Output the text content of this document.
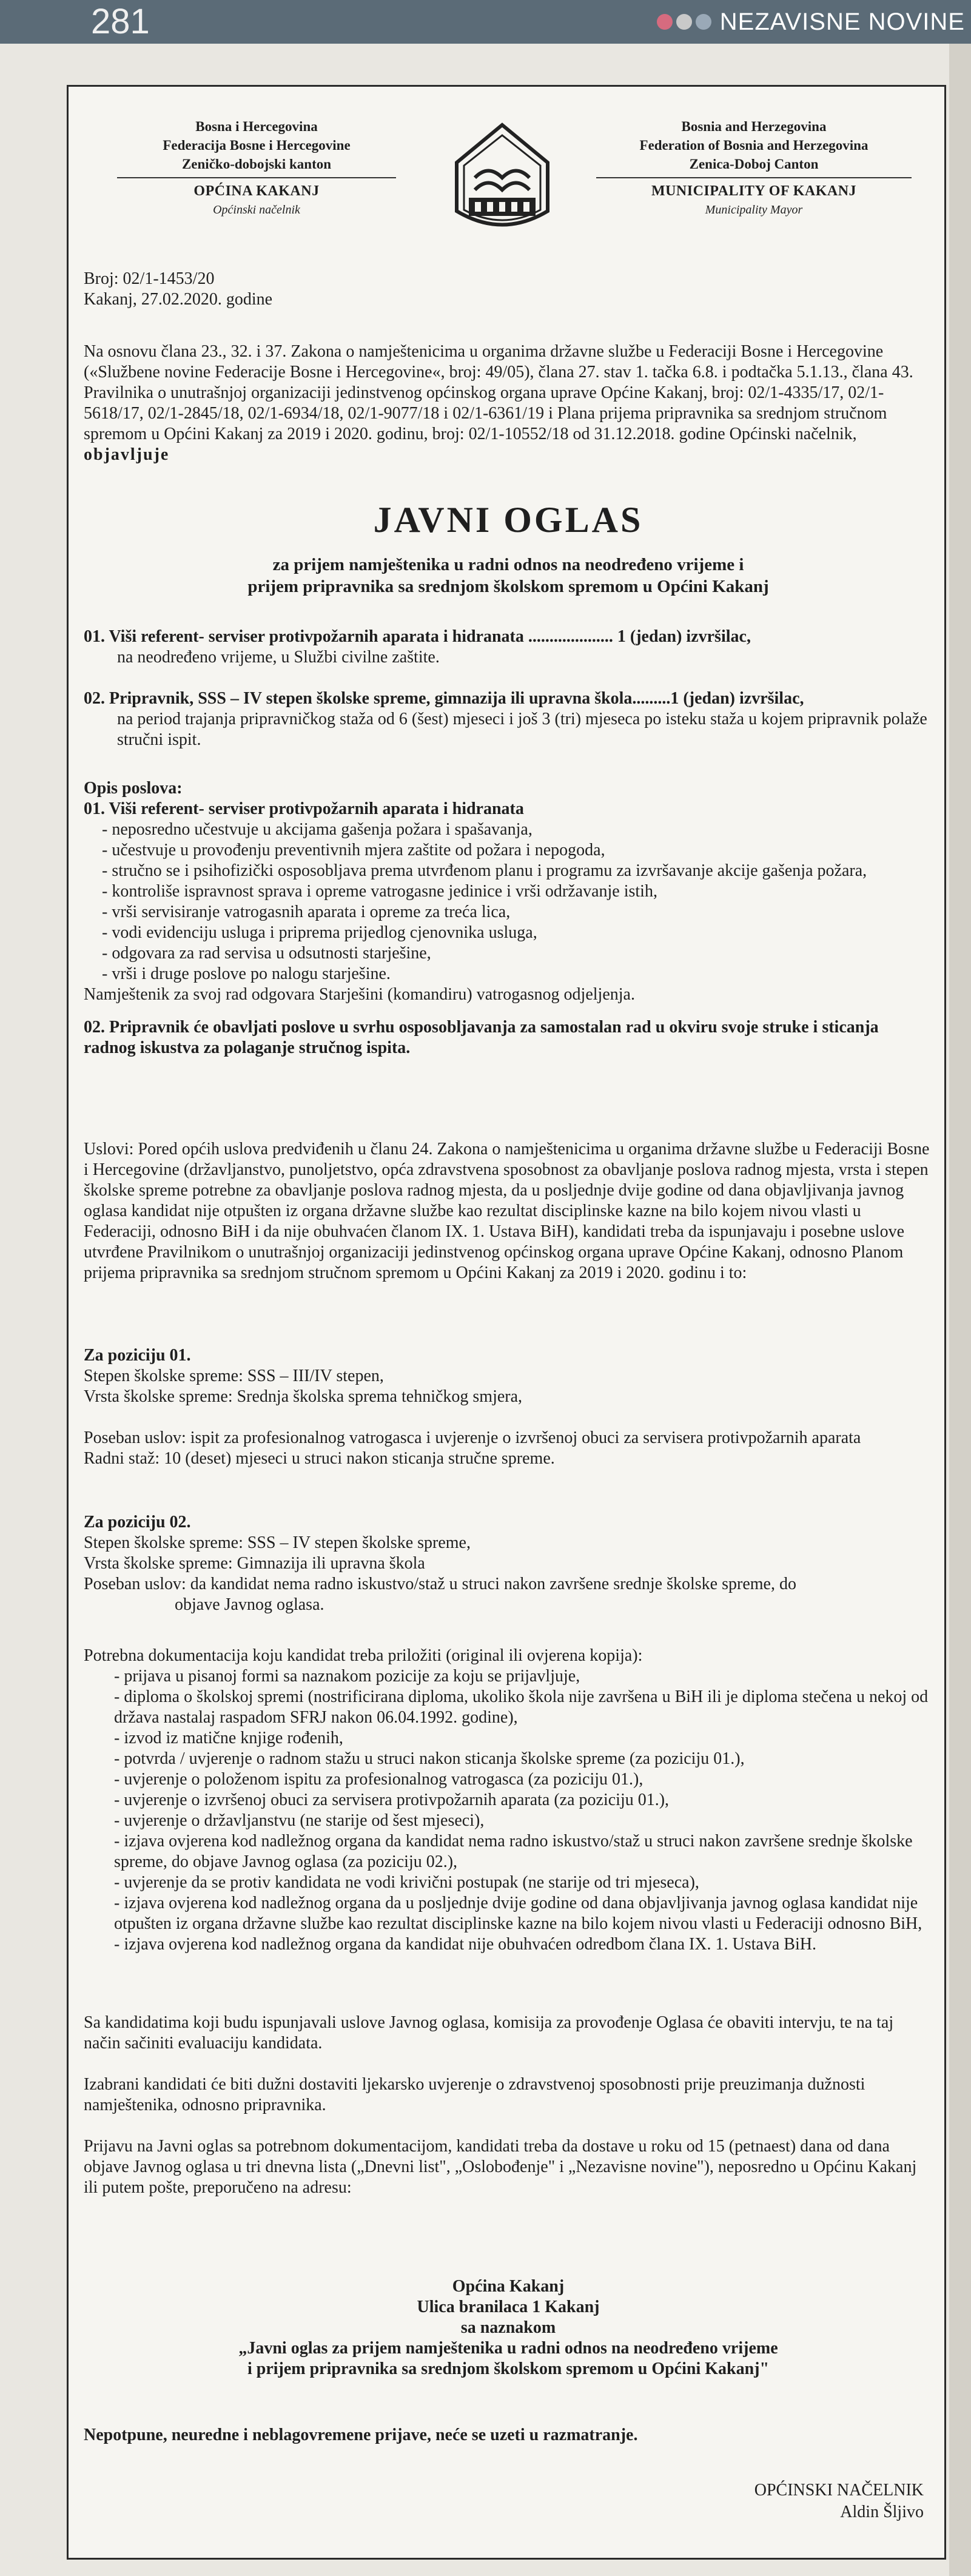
281	NEZAVISNE NOVINE
Bosna i Hercegovina
Federacija Bosne i Hercegovine
Zeničko-dobojski kanton
OPĆINA KAKANJ
Općinski načelnik
Bosnia and Herzegovina
Federation of Bosnia and Herzegovina
Zenica-Doboj Canton
MUNICIPALITY OF KAKANJ
Municipality Mayor

Broj: 02/1-1453/20

Kakanj, 27.02.2020. godine

Na osnovu člana 23., 32. i 37. Zakona o namještenicima u organima državne službe u Federaciji Bosne i Hercegovine («Službene novine Federacije Bosne i Hercegovine«, broj: 49/05), člana 27. stav 1. tačka 6.8. i podtačka 5.1.13., člana 43. Pravilnika o unutrašnjoj organizaciji jedinstvenog općinskog organa uprave Općine Kakanj, broj: 02/1-4335/17, 02/1-5618/17, 02/1-2845/18, 02/1-6934/18, 02/1-9077/18 i 02/1-6361/19 i Plana prijema pripravnika sa srednjom stručnom spremom u Općini Kakanj za 2019 i 2020. godinu, broj: 02/1-10552/18 od 31.12.2018. godine Općinski načelnik, objavljuje

JAVNI OGLAS
za prijem namještenika u radni odnos na neodređeno vrijeme i
prijem pripravnika sa srednjom školskom spremom u Općini Kakanj

01. Viši referent- serviser protivpožarnih aparata i hidranata .................... 1 (jedan) izvršilac,

na neodređeno vrijeme, u Službi civilne zaštite.

02. Pripravnik, SSS – IV stepen školske spreme, gimnazija ili upravna škola.........1 (jedan) izvršilac,

na period trajanja pripravničkog staža od 6 (šest) mjeseci i još 3 (tri) mjeseca po isteku staža u kojem pripravnik polaže stručni ispit.

Opis poslova:

01. Viši referent- serviser protivpožarnih aparata i hidranata

- neposredno učestvuje u akcijama gašenja požara i spašavanja,

- učestvuje u provođenju preventivnih mjera zaštite od požara i nepogoda,

- stručno se i psihofizički osposobljava prema utvrđenom planu i programu za izvršavanje akcije gašenja požara,

- kontroliše ispravnost sprava i opreme vatrogasne jedinice i vrši održavanje istih,

- vrši servisiranje vatrogasnih aparata i opreme za treća lica,

- vodi evidenciju usluga i priprema prijedlog cjenovnika usluga,

- odgovara za rad servisa u odsutnosti starješine,

- vrši i druge poslove po nalogu starješine.

Namještenik za svoj rad odgovara Starješini (komandiru) vatrogasnog odjeljenja.

02. Pripravnik će obavljati poslove u svrhu osposobljavanja za samostalan rad u okviru svoje struke i sticanja radnog iskustva za polaganje stručnog ispita.

Uslovi: Pored općih uslova predviđenih u članu 24. Zakona o namještenicima u organima državne službe u Federaciji Bosne i Hercegovine (državljanstvo, punoljetstvo, opća zdravstvena sposobnost za obavljanje poslova radnog mjesta, vrsta i stepen školske spreme potrebne za obavljanje poslova radnog mjesta, da u posljednje dvije godine od dana objavljivanja javnog oglasa kandidat nije otpušten iz organa državne službe kao rezultat disciplinske kazne na bilo kojem nivou vlasti u Federaciji, odnosno BiH i da nije obuhvaćen članom IX. 1. Ustava BiH), kandidati treba da ispunjavaju i posebne uslove utvrđene Pravilnikom o unutrašnjoj organizaciji jedinstvenog općinskog organa uprave Općine Kakanj, odnosno Planom prijema pripravnika sa srednjom stručnom spremom u Općini Kakanj za 2019 i 2020. godinu i to:

Za poziciju 01.

Stepen školske spreme: SSS – III/IV stepen,

Vrsta školske spreme: Srednja školska sprema tehničkog smjera,

Poseban uslov: ispit za profesionalnog vatrogasca i uvjerenje o izvršenoj obuci za servisera protivpožarnih aparata

Radni staž: 10 (deset) mjeseci u struci nakon sticanja stručne spreme.

Za poziciju 02.

Stepen školske spreme: SSS – IV stepen školske spreme,

Vrsta školske spreme: Gimnazija ili upravna škola

Poseban uslov: da kandidat nema radno iskustvo/staž u struci nakon završene srednje školske spreme, do

objave Javnog oglasa.

Potrebna dokumentacija koju kandidat treba priložiti (original ili ovjerena kopija):

- prijava u pisanoj formi sa naznakom pozicije za koju se prijavljuje,

- diploma o školskoj spremi (nostrificirana diploma, ukoliko škola nije završena u BiH ili je diploma stečena u nekoj od država nastalaj raspadom SFRJ nakon 06.04.1992. godine),

- izvod iz matične knjige rođenih,

- potvrda / uvjerenje o radnom stažu u struci nakon sticanja školske spreme (za poziciju 01.),

- uvjerenje o položenom ispitu za profesionalnog vatrogasca (za poziciju 01.),

- uvjerenje o izvršenoj obuci za servisera protivpožarnih aparata (za poziciju 01.),

- uvjerenje o državljanstvu (ne starije od šest mjeseci),

- izjava ovjerena kod nadležnog organa da kandidat nema radno iskustvo/staž u struci nakon završene srednje školske spreme, do objave Javnog oglasa (za poziciju 02.),

- uvjerenje da se protiv kandidata ne vodi krivični postupak (ne starije od tri mjeseca),

- izjava ovjerena kod nadležnog organa da u posljednje dvije godine od dana objavljivanja javnog oglasa kandidat nije otpušten iz organa državne službe kao rezultat disciplinske kazne na bilo kojem nivou vlasti u Federaciji odnosno BiH,

- izjava ovjerena kod nadležnog organa da kandidat nije obuhvaćen odredbom člana IX. 1. Ustava BiH.

Sa kandidatima koji budu ispunjavali uslove Javnog oglasa, komisija za provođenje Oglasa će obaviti intervju, te na taj način sačiniti evaluaciju kandidata.

Izabrani kandidati će biti dužni dostaviti ljekarsko uvjerenje o zdravstvenoj sposobnosti prije preuzimanja dužnosti namještenika, odnosno pripravnika.

Prijavu na Javni oglas sa potrebnom dokumentacijom, kandidati treba da dostave u roku od 15 (petnaest) dana od dana objave Javnog oglasa u tri dnevna lista („Dnevni list", „Oslobođenje" i „Nezavisne novine"), neposredno u Općinu Kakanj ili putem pošte, preporučeno na adresu:

Općina Kakanj

Ulica branilaca 1 Kakanj

sa naznakom

„Javni oglas za prijem namještenika u radni odnos na neodređeno vrijeme

i prijem pripravnika sa srednjom školskom spremom u Općini Kakanj"

Nepotpune, neuredne i neblagovremene prijave, neće se uzeti u razmatranje.
OPĆINSKI NAČELNIK
Aldin Šljivo
